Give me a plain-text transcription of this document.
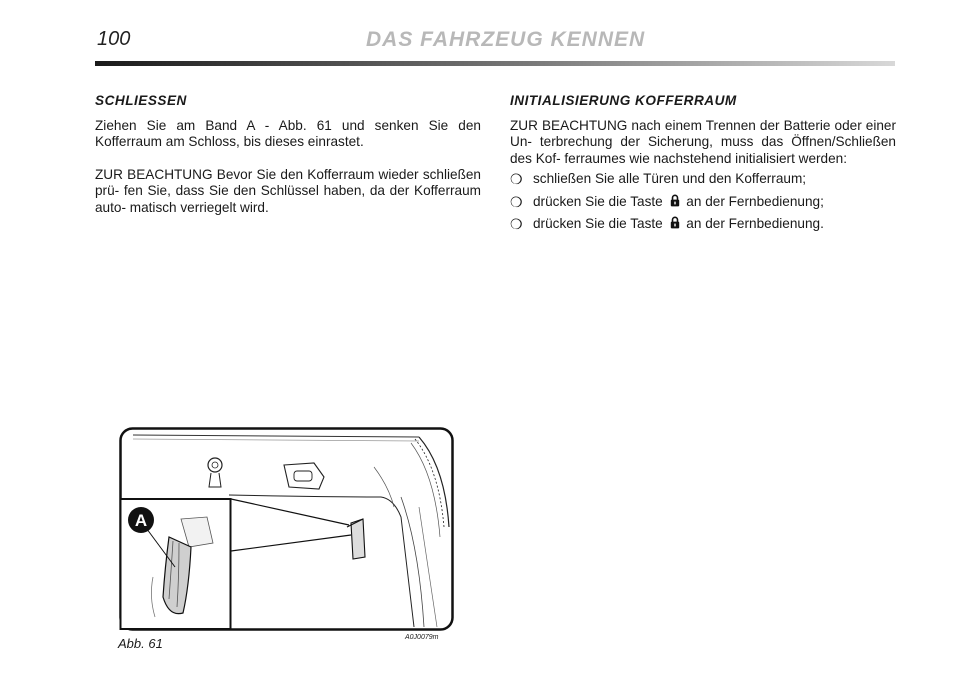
100	DAS FAHRZEUG KENNEN
SCHLIESSEN

Ziehen Sie am Band A - Abb. 61 und senken Sie den Kofferraum am Schloss, bis dieses einrastet.

ZUR BEACHTUNG Bevor Sie den Kofferraum wieder schließen prü- fen Sie, dass Sie den Schlüssel haben, da der Kofferraum auto- matisch verriegelt wird.

INITIALISIERUNG KOFFERRAUM

ZUR BEACHTUNG nach einem Trennen der Batterie oder einer Un- terbrechung der Sicherung, muss das Öffnen/Schließen des Kof- ferraumes wie nachstehend initialisiert werden:

❍ schließen Sie alle Türen und den Kofferraum;
❍ drücken Sie die Taste an der Fernbedienung;
❍ drücken Sie die Taste an der Fernbedienung.
A
Abb. 61	A0J0079m
